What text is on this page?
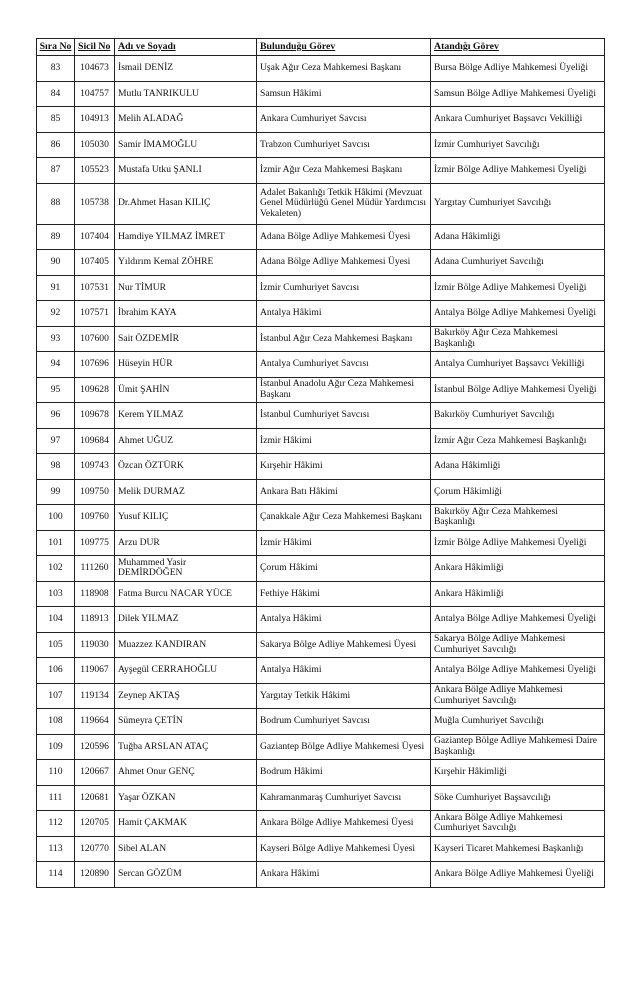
Sıra No	Sicil No	Adı ve Soyadı	Bulunduğu Görev	Atandığı Görev
83	104673	İsmail DENİZ	Uşak Ağır Ceza Mahkemesi Başkanı	Bursa Bölge Adliye Mahkemesi Üyeliği
84	104757	Mutlu TANRIKULU	Samsun Hâkimi	Samsun Bölge Adliye Mahkemesi Üyeliği
85	104913	Melih ALADAĞ	Ankara Cumhuriyet Savcısı	Ankara Cumhuriyet Başsavcı Vekilliği
86	105030	Samir İMAMOĞLU	Trabzon Cumhuriyet Savcısı	İzmir Cumhuriyet Savcılığı
87	105523	Mustafa Utku ŞANLI	İzmir Ağır Ceza Mahkemesi Başkanı	İzmir Bölge Adliye Mahkemesi Üyeliği
88	105738	Dr.Ahmet Hasan KILIÇ	Adalet Bakanlığı Tetkik Hâkimi (Mevzuat Genel Müdürlüğü Genel Müdür Yardımcısı Vekaleten)	Yargıtay Cumhuriyet Savcılığı
89	107404	Hamdiye YILMAZ İMRET	Adana Bölge Adliye Mahkemesi Üyesi	Adana Hâkimliği
90	107405	Yıldırım Kemal ZÖHRE	Adana Bölge Adliye Mahkemesi Üyesi	Adana Cumhuriyet Savcılığı
91	107531	Nur TİMUR	İzmir Cumhuriyet Savcısı	İzmir Bölge Adliye Mahkemesi Üyeliği
92	107571	İbrahim KAYA	Antalya Hâkimi	Antalya Bölge Adliye Mahkemesi Üyeliği
93	107600	Sait ÖZDEMİR	İstanbul Ağır Ceza Mahkemesi Başkanı	Bakırköy Ağır Ceza Mahkemesi Başkanlığı
94	107696	Hüseyin HÜR	Antalya Cumhuriyet Savcısı	Antalya Cumhuriyet Başsavcı Vekilliği
95	109628	Ümit ŞAHİN	İstanbul Anadolu Ağır Ceza Mahkemesi Başkanı	İstanbul Bölge Adliye Mahkemesi Üyeliği
96	109678	Kerem YILMAZ	İstanbul Cumhuriyet Savcısı	Bakırköy Cumhuriyet Savcılığı
97	109684	Ahmet UĞUZ	İzmir Hâkimi	İzmir Ağır Ceza Mahkemesi Başkanlığı
98	109743	Özcan ÖZTÜRK	Kırşehir Hâkimi	Adana Hâkimliği
99	109750	Melik DURMAZ	Ankara Batı Hâkimi	Çorum Hâkimliği
100	109760	Yusuf KILIÇ	Çanakkale Ağır Ceza Mahkemesi Başkanı	Bakırköy Ağır Ceza Mahkemesi Başkanlığı
101	109775	Arzu DUR	İzmir Hâkimi	İzmir Bölge Adliye Mahkemesi Üyeliği
102	111260	Muhammed Yasir DEMİRDÖĞEN	Çorum Hâkimi	Ankara Hâkimliği
103	118908	Fatma Burcu NACAR YÜCE	Fethiye Hâkimi	Ankara Hâkimliği
104	118913	Dilek YILMAZ	Antalya Hâkimi	Antalya Bölge Adliye Mahkemesi Üyeliği
105	119030	Muazzez KANDIRAN	Sakarya Bölge Adliye Mahkemesi Üyesi	Sakarya Bölge Adliye Mahkemesi Cumhuriyet Savcılığı
106	119067	Ayşegül CERRAHOĞLU	Antalya Hâkimi	Antalya Bölge Adliye Mahkemesi Üyeliği
107	119134	Zeynep AKTAŞ	Yargıtay Tetkik Hâkimi	Ankara Bölge Adliye Mahkemesi Cumhuriyet Savcılığı
108	119664	Sümeyra ÇETİN	Bodrum Cumhuriyet Savcısı	Muğla Cumhuriyet Savcılığı
109	120596	Tuğba ARSLAN ATAÇ	Gaziantep Bölge Adliye Mahkemesi Üyesi	Gaziantep Bölge Adliye Mahkemesi Daire Başkanlığı
110	120667	Ahmet Onur GENÇ	Bodrum Hâkimi	Kırşehir Hâkimliği
111	120681	Yaşar ÖZKAN	Kahramanmaraş Cumhuriyet Savcısı	Söke Cumhuriyet Başsavcılığı
112	120705	Hamit ÇAKMAK	Ankara Bölge Adliye Mahkemesi Üyesi	Ankara Bölge Adliye Mahkemesi Cumhuriyet Savcılığı
113	120770	Sibel ALAN	Kayseri Bölge Adliye Mahkemesi Üyesi	Kayseri Ticaret Mahkemesi Başkanlığı
114	120890	Sercan GÖZÜM	Ankara Hâkimi	Ankara Bölge Adliye Mahkemesi Üyeliği
